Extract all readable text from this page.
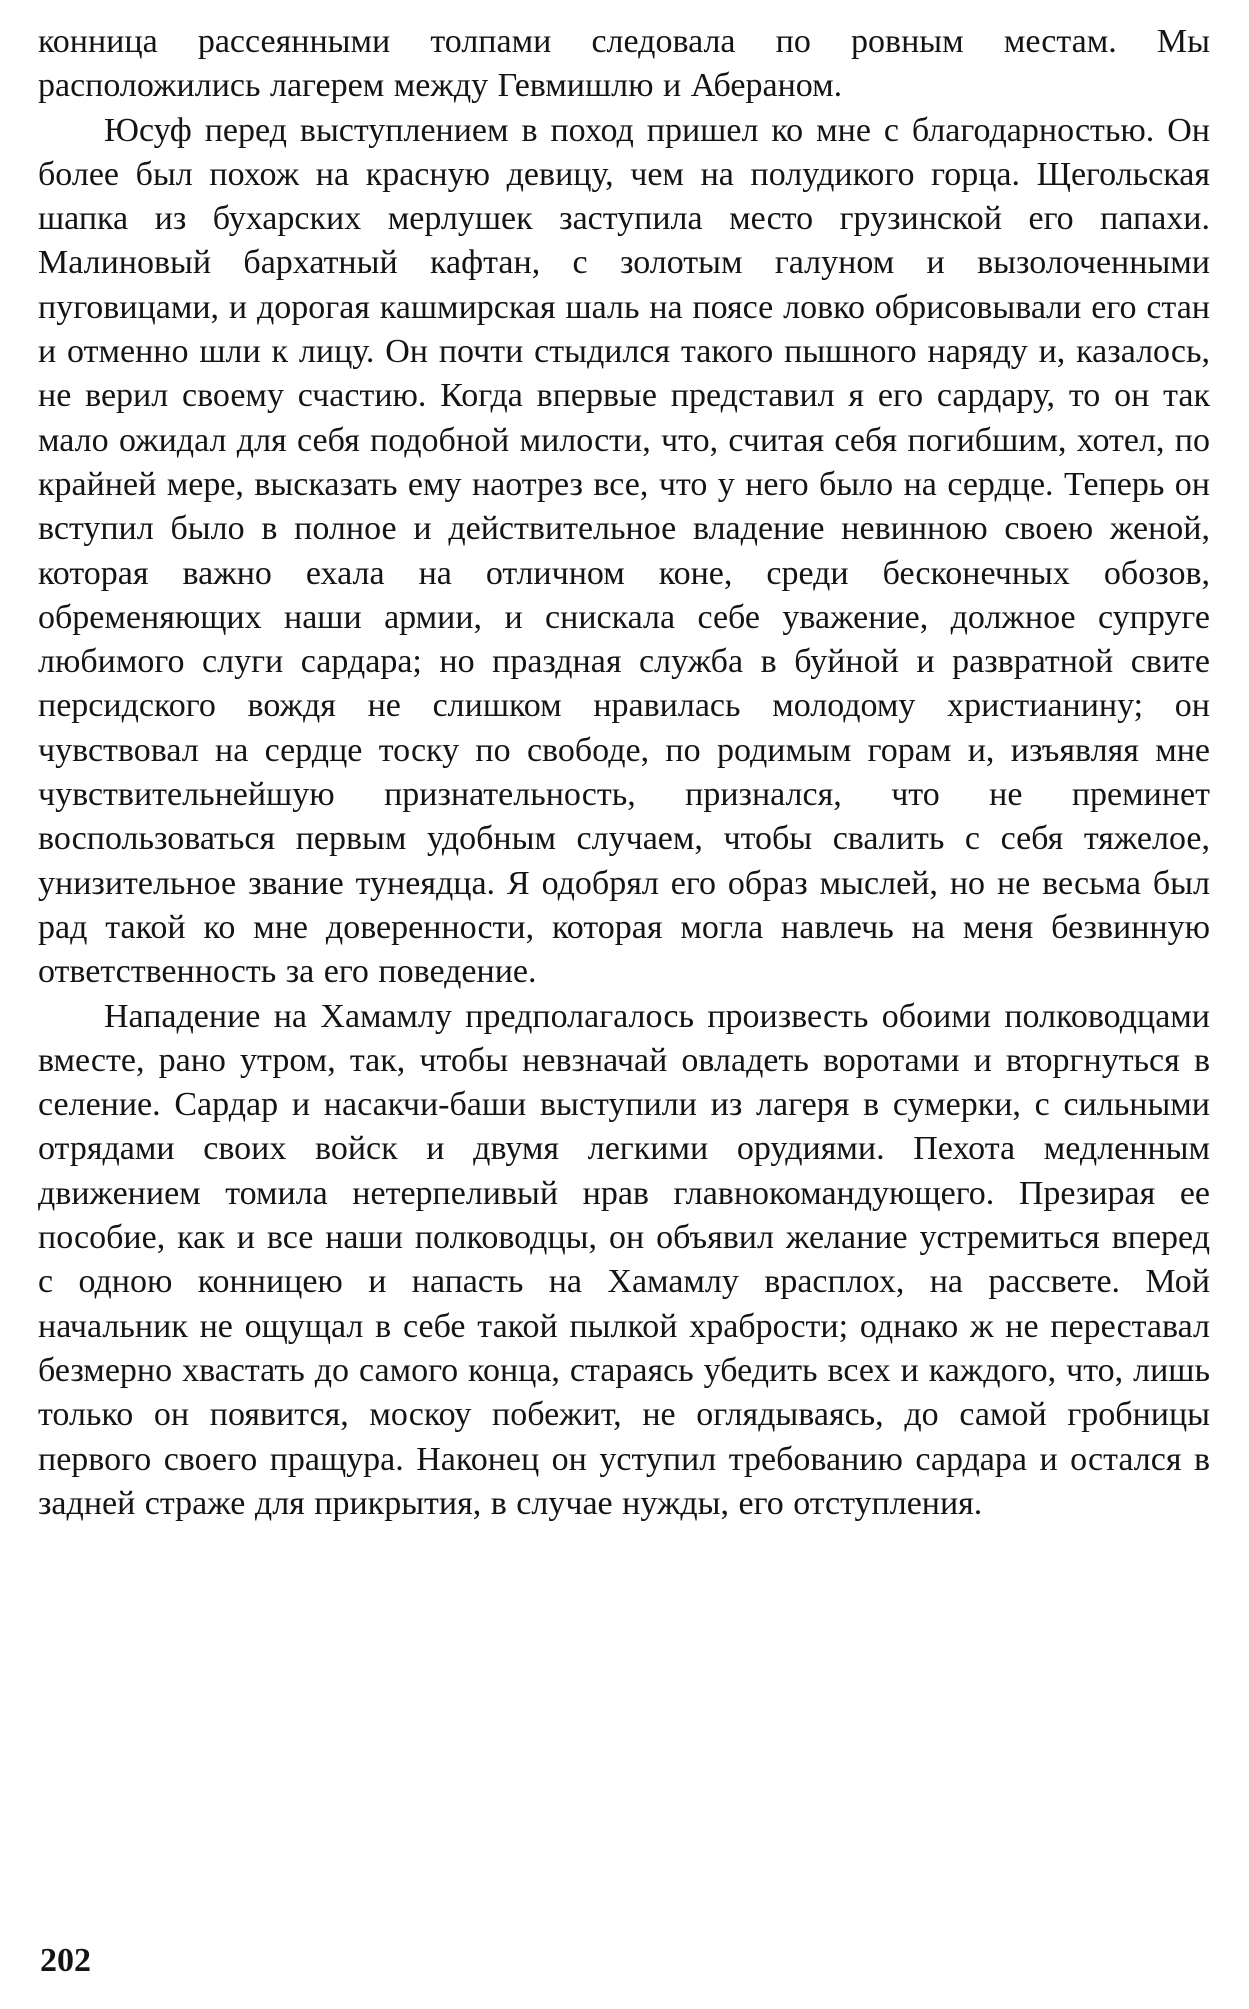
конница рассеянными толпами следовала по ровным местам. Мы расположились лагерем между Гевмишлю и Абераном.

Юсуф перед выступлением в поход пришел ко мне с благодарностью. Он более был похож на красную девицу, чем на полудикого горца. Щегольская шапка из бухарских мерлушек заступила место грузинской его папахи. Малиновый бархатный кафтан, с золотым галуном и вызолоченными пуговицами, и дорогая кашмирская шаль на поясе ловко обрисовывали его стан и отменно шли к лицу. Он почти стыдился такого пышного наряду и, казалось, не верил своему счастию. Когда впервые представил я его сардару, то он так мало ожидал для себя подобной милости, что, считая себя погибшим, хотел, по крайней мере, высказать ему наотрез все, что у него было на сердце. Теперь он вступил было в полное и действительное владение невинною своею женой, которая важно ехала на отличном коне, среди бесконечных обозов, обременяющих наши армии, и снискала себе уважение, должное супруге любимого слуги сардара; но праздная служба в буйной и развратной свите персидского вождя не слишком нравилась молодому христианину; он чувствовал на сердце тоску по свободе, по родимым горам и, изъявляя мне чувствительнейшую признательность, признался, что не преминет воспользоваться первым удобным случаем, чтобы свалить с себя тяжелое, унизительное звание тунеядца. Я одобрял его образ мыслей, но не весьма был рад такой ко мне доверенности, которая могла навлечь на меня безвинную ответственность за его поведение.

Нападение на Хамамлу предполагалось произвесть обоими полководцами вместе, рано утром, так, чтобы невзначай овладеть воротами и вторгнуться в селение. Сардар и насакчи-баши выступили из лагеря в сумерки, с сильными отрядами своих войск и двумя легкими орудиями. Пехота медленным движением томила нетерпеливый нрав главнокомандующего. Презирая ее пособие, как и все наши полководцы, он объявил желание устремиться вперед с одною конницею и напасть на Хамамлу врасплох, на рассвете. Мой начальник не ощущал в себе такой пылкой храбрости; однако ж не переставал безмерно хвастать до самого конца, стараясь убедить всех и каждого, что, лишь только он появится, москоу побежит, не оглядываясь, до самой гробницы первого своего пращура. Наконец он уступил требованию сардара и остался в задней страже для прикрытия, в случае нужды, его отступления.

202
